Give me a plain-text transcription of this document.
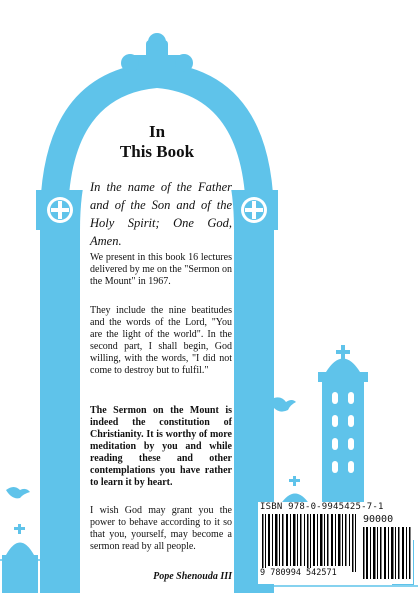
In
This Book
In the name of the Father and of the Son and of the Holy Spirit; One God, Amen.
We present in this book 16 lectures delivered by me on the "Sermon on the Mount" in 1967.
They include the nine beatitudes and the words of the Lord, "You are the light of the world". In the second part, I shall begin, God willing, with the words, "I did not come to destroy but to fulfil."
The Sermon on the Mount is indeed the constitution of Christianity. It is worthy of more meditation by you and while reading these and other contemplations you have rather to learn it by heart.
I wish God may grant you the power to behave according to it so that you, yourself, may become a sermon read by all people.
Pope Shenouda III
ISBN 978-0-9945425-7-1
90000
9 780994 542571
